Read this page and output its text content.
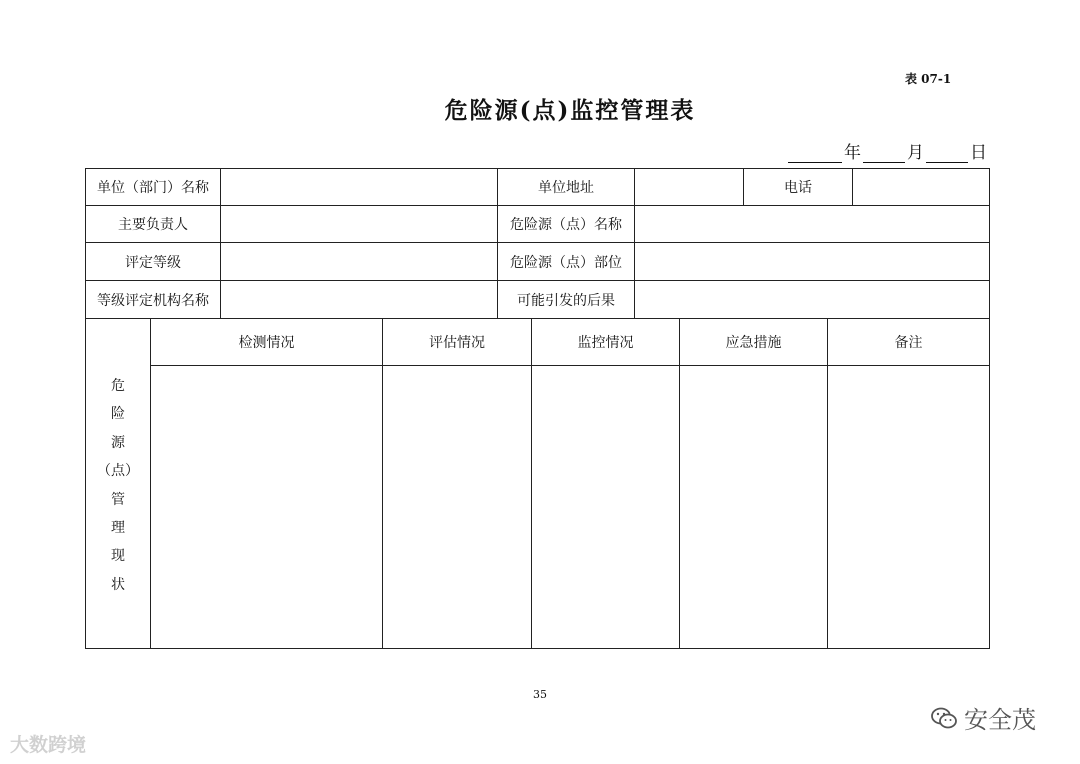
表 07-1
危险源(点)监控管理表
年	月	日
单位（部门）名称	单位地址	电话
主要负责人	危险源（点）名称
评定等级	危险源（点）部位
等级评定机构名称	可能引发的后果
危
险
源
（点）
管
理
现
状
检测情况	评估情况	监控情况	应急措施	备注
35
大数跨境
安全茂
